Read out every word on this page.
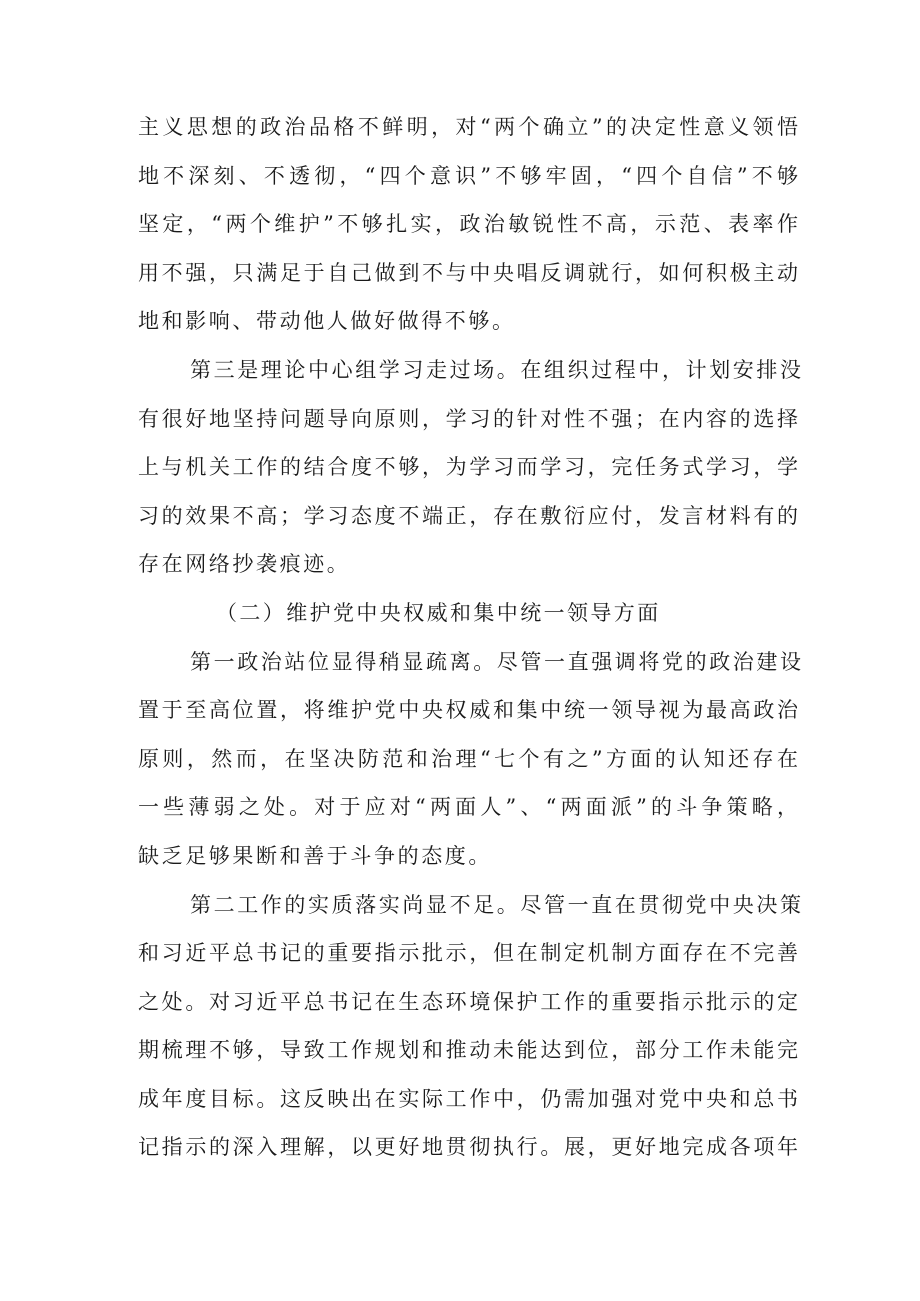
主义思想的政治品格不鲜明，对“两个确立”的决定性意义领悟
地不深刻、不透彻，“四个意识”不够牢固，“四个自信”不够
坚定，“两个维护”不够扎实，政治敏锐性不高，示范、表率作
用不强，只满足于自己做到不与中央唱反调就行，如何积极主动
地和影响、带动他人做好做得不够。
第三是理论中心组学习走过场。在组织过程中，计划安排没
有很好地坚持问题导向原则，学习的针对性不强；在内容的选择
上与机关工作的结合度不够，为学习而学习，完任务式学习，学
习的效果不高；学习态度不端正，存在敷衍应付，发言材料有的
存在网络抄袭痕迹。
（二）维护党中央权威和集中统一领导方面
第一政治站位显得稍显疏离。尽管一直强调将党的政治建设
置于至高位置，将维护党中央权威和集中统一领导视为最高政治
原则，然而，在坚决防范和治理“七个有之”方面的认知还存在
一些薄弱之处。对于应对“两面人”、“两面派”的斗争策略，
缺乏足够果断和善于斗争的态度。
第二工作的实质落实尚显不足。尽管一直在贯彻党中央决策
和习近平总书记的重要指示批示，但在制定机制方面存在不完善
之处。对习近平总书记在生态环境保护工作的重要指示批示的定
期梳理不够，导致工作规划和推动未能达到位，部分工作未能完
成年度目标。这反映出在实际工作中，仍需加强对党中央和总书
记指示的深入理解，以更好地贯彻执行。展，更好地完成各项年
